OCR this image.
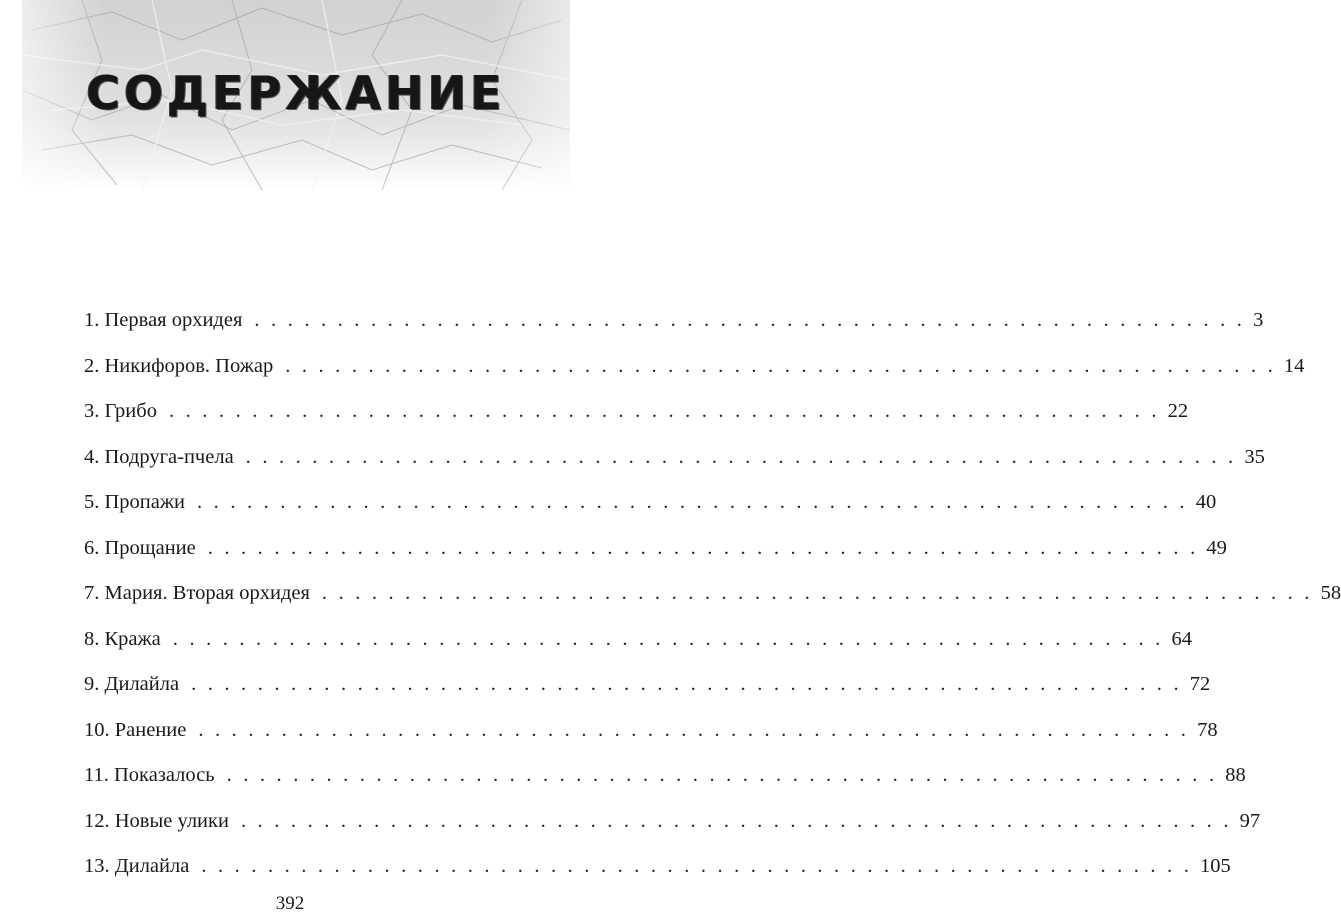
СОДЕРЖАНИЕ
1. Первая орхидея . . . . . . . . . . . . . . . . . . . . . . . . . . . . . . . . . . . . . . . . . . . . . . . . . . . . . . . . . . . . 3
2. Никифоров. Пожар . . . . . . . . . . . . . . . . . . . . . . . . . . . . . . . . . . . . . . . . . . . . . . . . . . . . . . . . . . . . 14
3. Грибо . . . . . . . . . . . . . . . . . . . . . . . . . . . . . . . . . . . . . . . . . . . . . . . . . . . . . . . . . . . . 22
4. Подруга-пчела . . . . . . . . . . . . . . . . . . . . . . . . . . . . . . . . . . . . . . . . . . . . . . . . . . . . . . . . . . . . 35
5. Пропажи . . . . . . . . . . . . . . . . . . . . . . . . . . . . . . . . . . . . . . . . . . . . . . . . . . . . . . . . . . . . 40
6. Прощание . . . . . . . . . . . . . . . . . . . . . . . . . . . . . . . . . . . . . . . . . . . . . . . . . . . . . . . . . . . . 49
7. Мария. Вторая орхидея . . . . . . . . . . . . . . . . . . . . . . . . . . . . . . . . . . . . . . . . . . . . . . . . . . . . . . . . . . . . 58
8. Кража . . . . . . . . . . . . . . . . . . . . . . . . . . . . . . . . . . . . . . . . . . . . . . . . . . . . . . . . . . . . 64
9. Дилайла . . . . . . . . . . . . . . . . . . . . . . . . . . . . . . . . . . . . . . . . . . . . . . . . . . . . . . . . . . . . 72
10. Ранение . . . . . . . . . . . . . . . . . . . . . . . . . . . . . . . . . . . . . . . . . . . . . . . . . . . . . . . . . . . . 78
11. Показалось . . . . . . . . . . . . . . . . . . . . . . . . . . . . . . . . . . . . . . . . . . . . . . . . . . . . . . . . . . . . 88
12. Новые улики . . . . . . . . . . . . . . . . . . . . . . . . . . . . . . . . . . . . . . . . . . . . . . . . . . . . . . . . . . . . 97
13. Дилайла . . . . . . . . . . . . . . . . . . . . . . . . . . . . . . . . . . . . . . . . . . . . . . . . . . . . . . . . . . . . 105
392
